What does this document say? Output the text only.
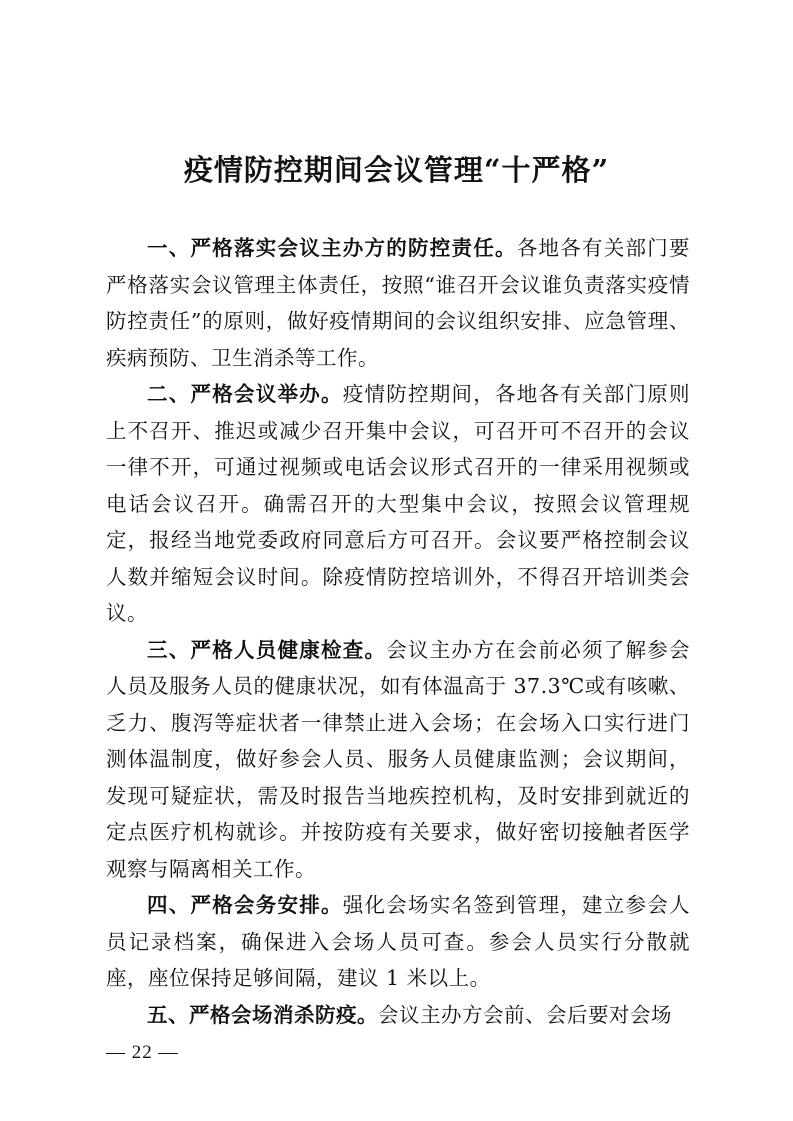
疫情防控期间会议管理“十严格”

一、严格落实会议主办方的防控责任。各地各有关部门要严格落实会议管理主体责任，按照“谁召开会议谁负责落实疫情防控责任”的原则，做好疫情期间的会议组织安排、应急管理、疾病预防、卫生消杀等工作。

二、严格会议举办。疫情防控期间，各地各有关部门原则上不召开、推迟或减少召开集中会议，可召开可不召开的会议一律不开，可通过视频或电话会议形式召开的一律采用视频或电话会议召开。确需召开的大型集中会议，按照会议管理规定，报经当地党委政府同意后方可召开。会议要严格控制会议人数并缩短会议时间。除疫情防控培训外，不得召开培训类会议。

三、严格人员健康检查。会议主办方在会前必须了解参会人员及服务人员的健康状况，如有体温高于 37.3℃或有咳嗽、乏力、腹泻等症状者一律禁止进入会场；在会场入口实行进门测体温制度，做好参会人员、服务人员健康监测；会议期间，发现可疑症状，需及时报告当地疾控机构，及时安排到就近的定点医疗机构就诊。并按防疫有关要求，做好密切接触者医学观察与隔离相关工作。

四、严格会务安排。强化会场实名签到管理，建立参会人员记录档案，确保进入会场人员可查。参会人员实行分散就座，座位保持足够间隔，建议 1 米以上。

五、严格会场消杀防疫。会议主办方会前、会后要对会场

— 22 —
